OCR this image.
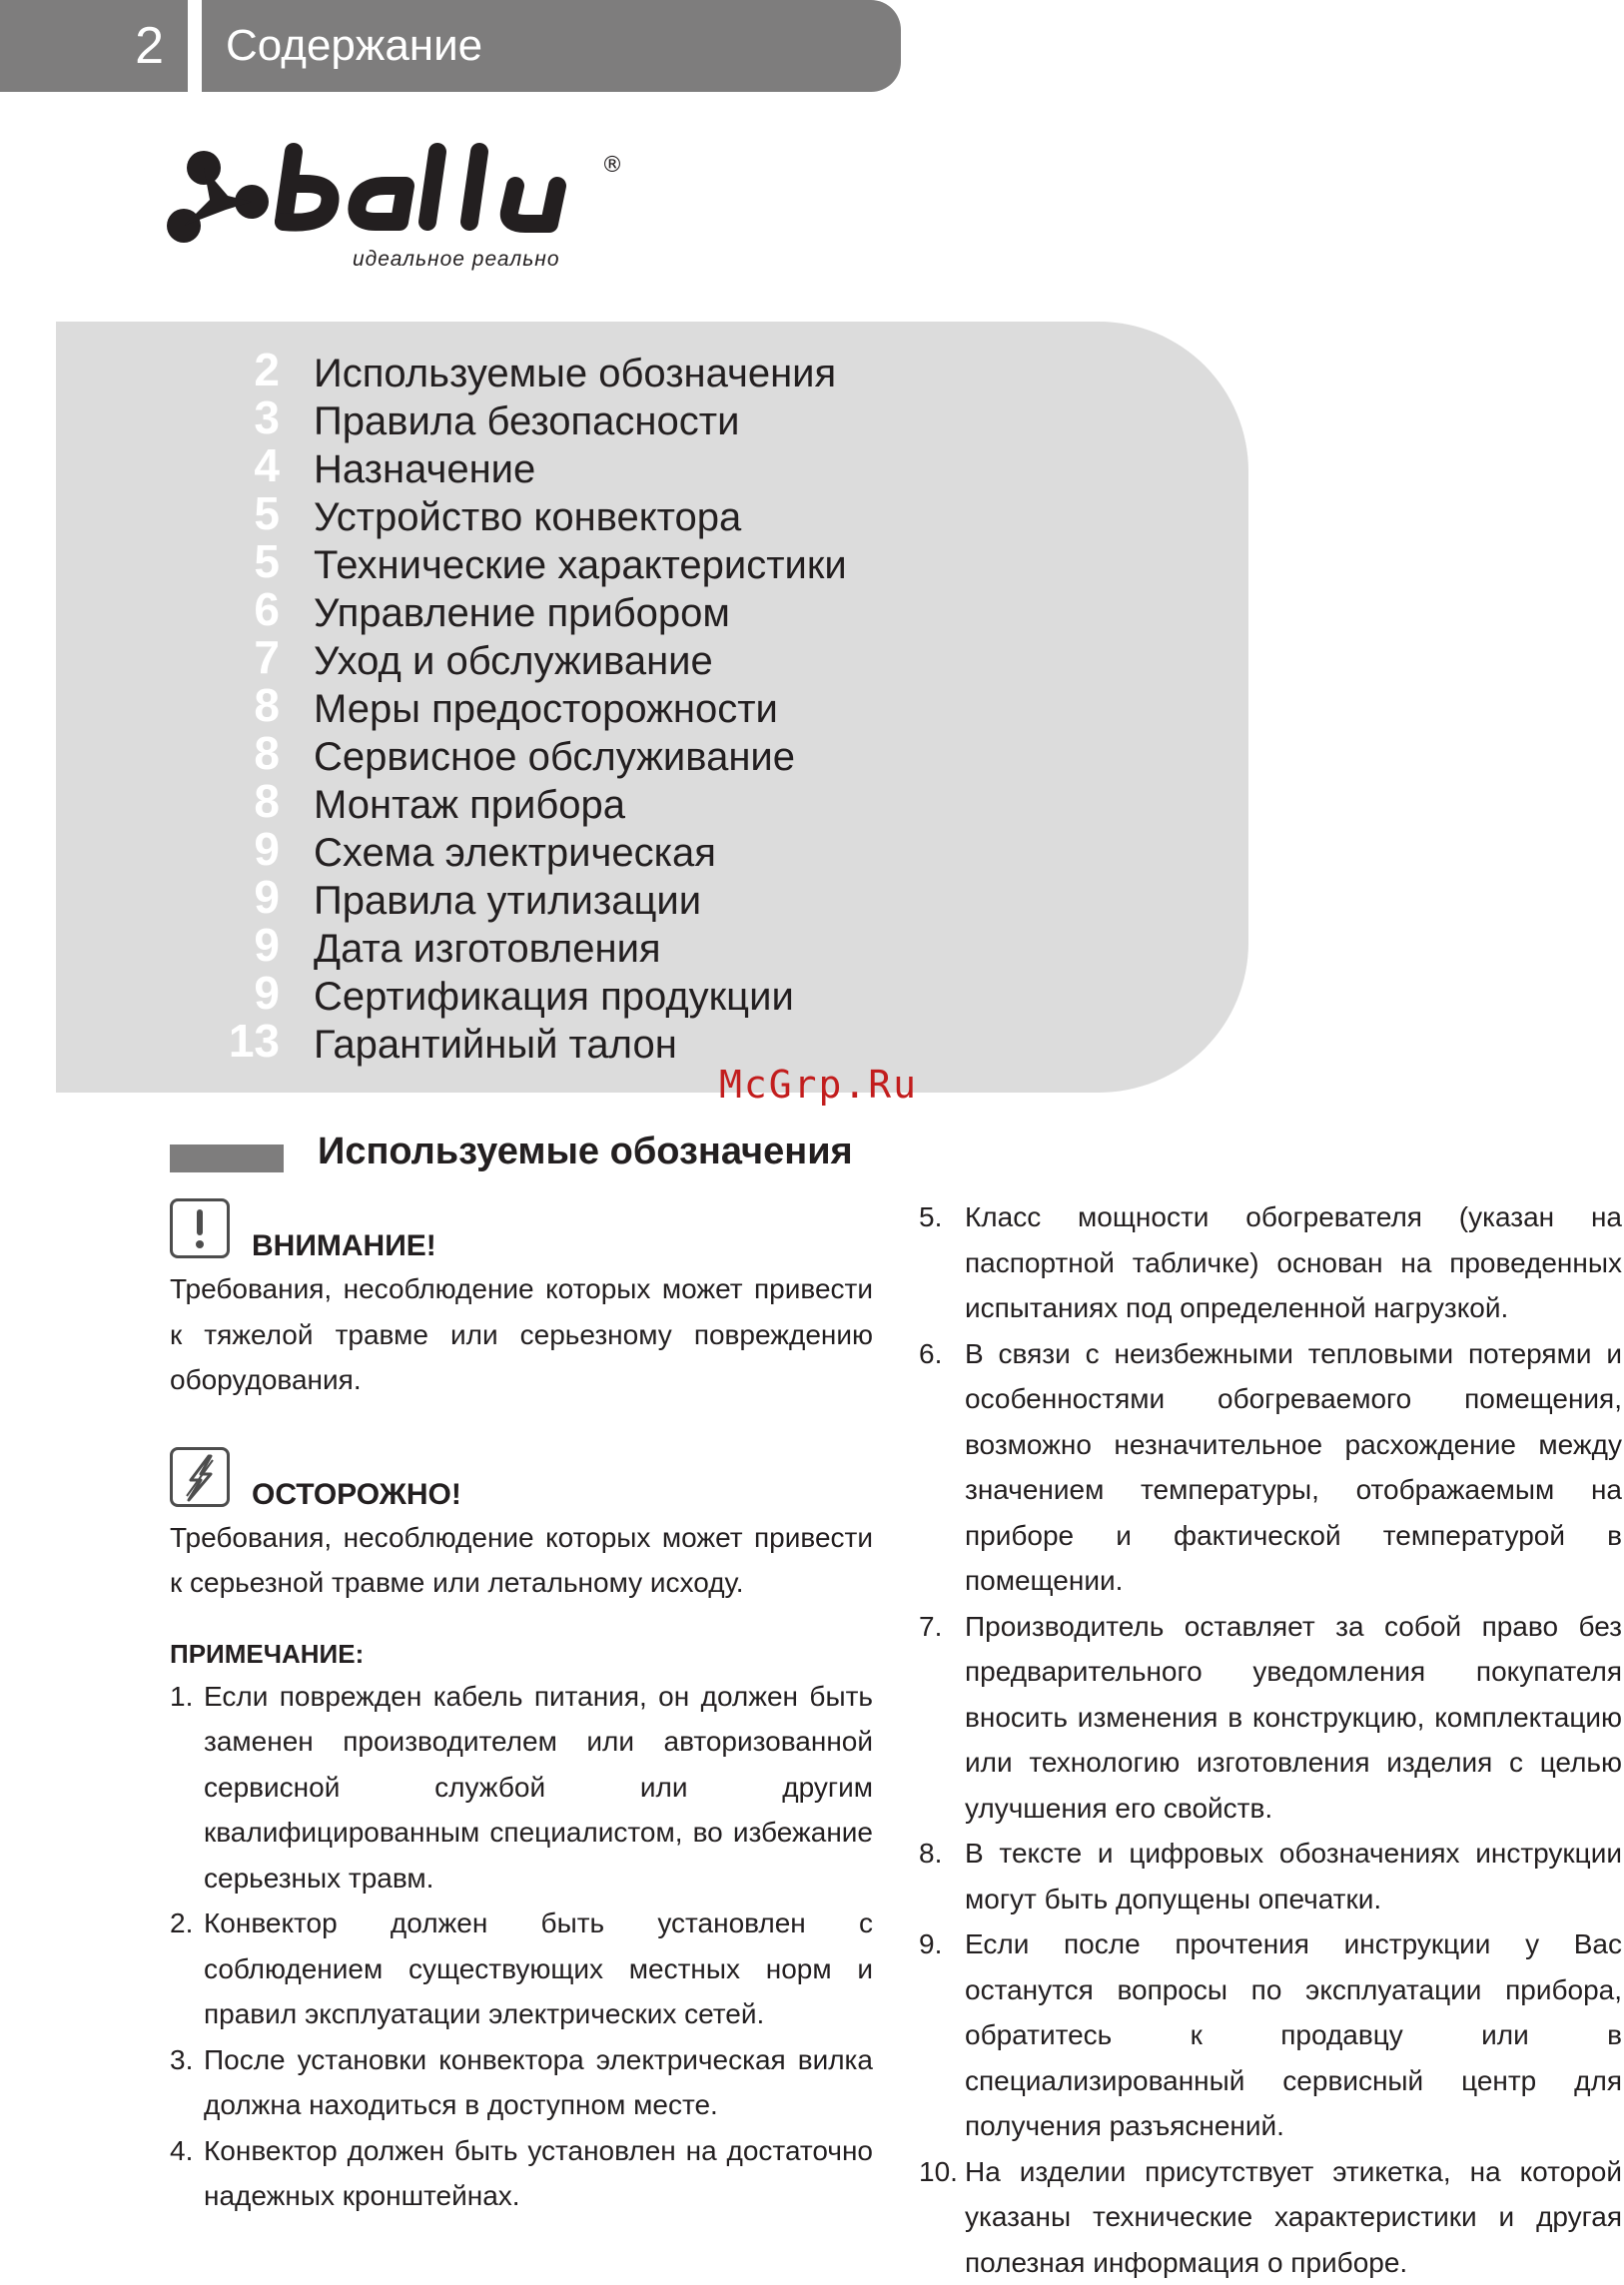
2	Содержание
®
идеальное реально
2 Используемые обозначения
3 Правила безопасности
4 Назначение
5 Устройство конвектора
5 Технические характеристики
6 Управление прибором
7 Уход и обслуживание
8 Меры предосторожности
8 Сервисное обслуживание
8 Монтаж прибора
9 Схема электрическая
9 Правила утилизации
9 Дата изготовления
9 Сертификация продукции
13 Гарантийный талон
McGrp.Ru
Используемые обозначения
ВНИМАНИЕ!
Требования, несоблюдение которых может привести к тяжелой травме или серьезному повреждению оборудования.
ОСТОРОЖНО!
Требования, несоблюдение которых может привести к серьезной травме или летальному исходу.
ПРИМЕЧАНИЕ:
1. Если поврежден кабель питания, он должен быть заменен производителем или авторизованной сервисной службой или другим квалифицированным специалистом, во избежание серьезных травм.
2. Конвектор должен быть установлен с соблюдением существующих местных норм и правил эксплуатации электрических сетей.
3. После установки конвектора электрическая вилка должна находиться в доступном месте.
4. Конвектор должен быть установлен на достаточно надежных кронштейнах.
5. Класс мощности обогревателя (указан на паспортной табличке) основан на проведенных испытаниях под определенной нагрузкой.
6. В связи с неизбежными тепловыми потерями и особенностями обогреваемого помещения, возможно незначительное расхождение между значением температуры, отображаемым на приборе и фактической температурой в помещении.
7. Производитель оставляет за собой право без предварительного уведомления покупателя вносить изменения в конструкцию, комплектацию или технологию изготовления изделия с целью улучшения его свойств.
8. В тексте и цифровых обозначениях инструкции могут быть допущены опечатки.
9. Если после прочтения инструкции у Вас останутся вопросы по эксплуатации прибора, обратитесь к продавцу или в специализированный сервисный центр для получения разъяснений.
10. На изделии присутствует этикетка, на которой указаны технические характеристики и другая полезная информация о приборе.
